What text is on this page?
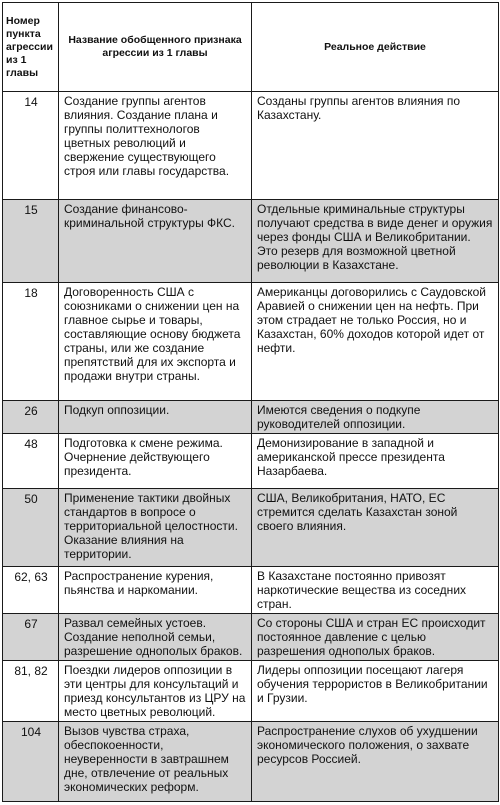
Номер пункта агрессии из 1 главы	Название обобщенного признака агрессии из 1 главы	Реальное действие
14	Создание группы агентов влияния. Создание плана и группы политтехнологов цветных революций и свержение существующего строя или главы государства.	Созданы группы агентов влияния по Казахстану.
15	Создание финансово-криминальной структуры ФКС.	Отдельные криминальные структуры получают средства в виде денег и оружия через фонды США и Великобритании. Это резерв для возможной цветной революции в Казахстане.
18	Договоренность США с союзниками о снижении цен на главное сырье и товары, составляющие основу бюджета страны, или же создание препятствий для их экспорта и продажи внутри страны.	Американцы договорились с Саудовской Аравией о снижении цен на нефть. При этом страдает не только Россия, но и Казахстан, 60% доходов которой идет от нефти.
26	Подкуп оппозиции.	Имеются сведения о подкупе руководителей оппозиции.
48	Подготовка к смене режима. Очернение действующего президента.	Демонизирование в западной и американской прессе президента Назарбаева.
50	Применение тактики двойных стандартов в вопросе о территориальной целостности. Оказание влияния на территории.	США, Великобритания, НАТО, ЕС стремится сделать Казахстан зоной своего влияния.
62, 63	Распространение курения, пьянства и наркомании.	В Казахстане постоянно привозят наркотические вещества из соседних стран.
67	Развал семейных устоев. Создание неполной семьи, разрешение однополых браков.	Со стороны США и стран ЕС происходит постоянное давление с целью разрешения однополых браков.
81, 82	Поездки лидеров оппозиции в эти центры для консультаций и приезд консультантов из ЦРУ на место цветных революций.	Лидеры оппозиции посещают лагеря обучения террористов в Великобритании и Грузии.
104	Вызов чувства страха, обеспокоенности, неуверенности в завтрашнем дне, отвлечение от реальных экономических реформ.	Распространение слухов об ухудшении экономического положения, о захвате ресурсов Россией.
